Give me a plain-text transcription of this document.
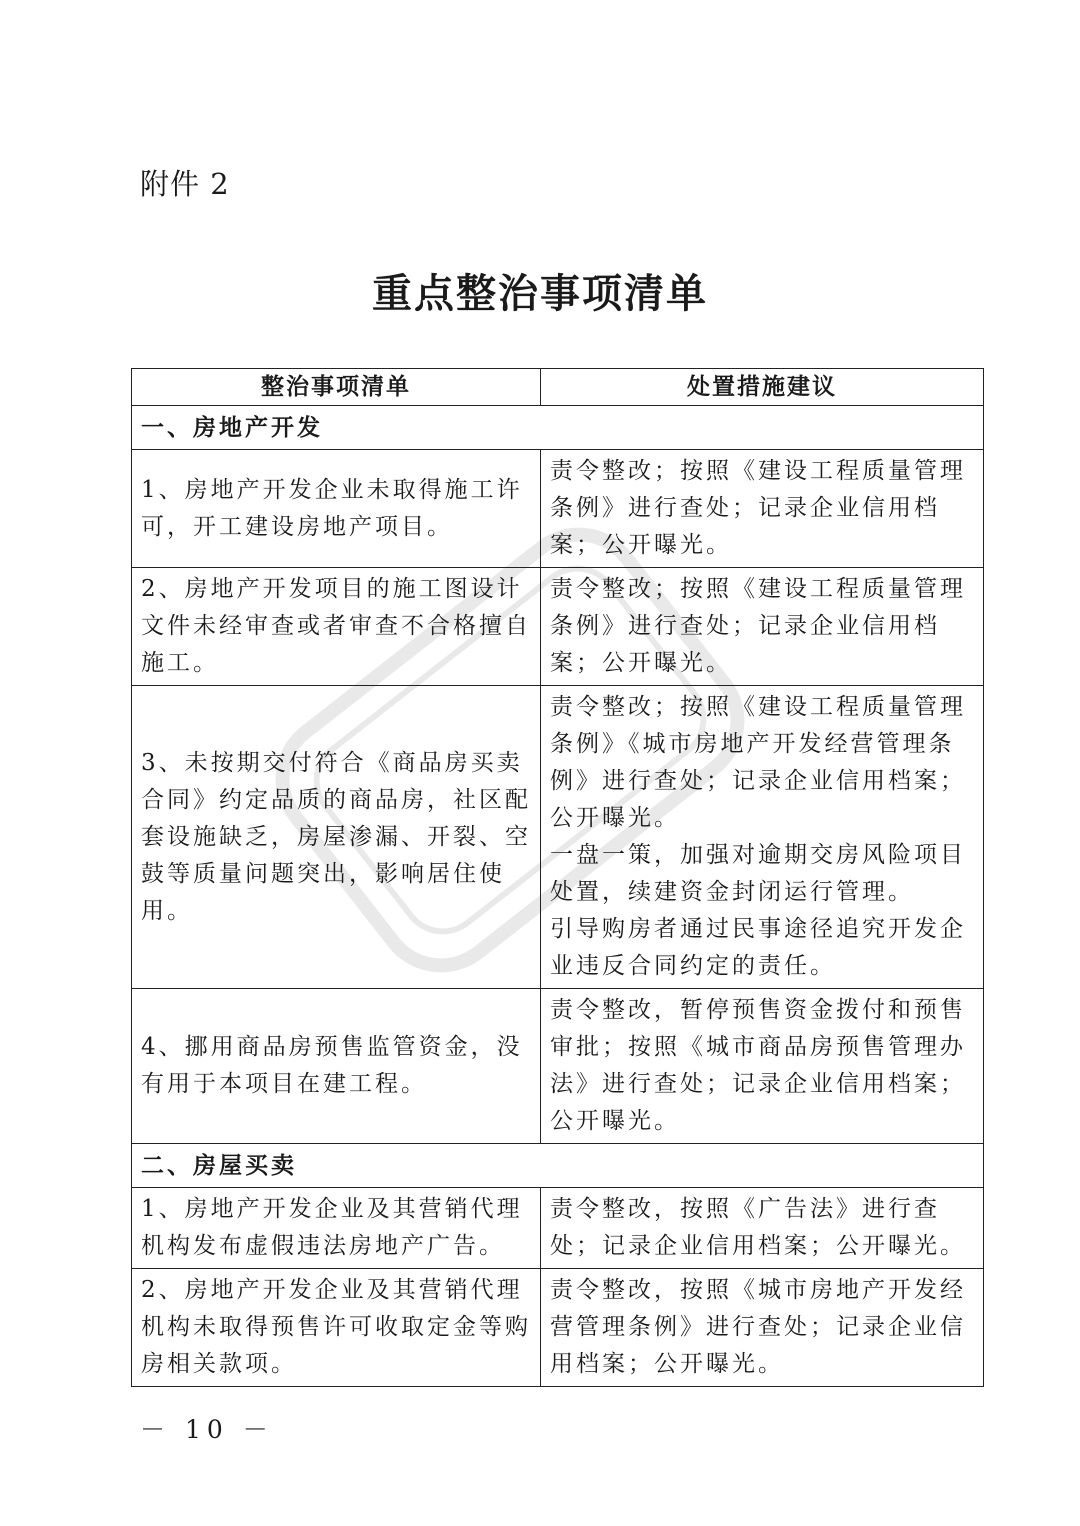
附件 2
重点整治事项清单
整治事项清单	处置措施建议
一、房地产开发	
1、房地产开发企业未取得施工许可，开工建设房地产项目。	责令整改；按照《建设工程质量管理条例》进行查处；记录企业信用档案；公开曝光。

2、房地产开发项目的施工图设计文件未经审查或者审查不合格擅自施工。	责令整改；按照《建设工程质量管理条例》进行查处；记录企业信用档案；公开曝光。

3、未按期交付符合《商品房买卖合同》约定品质的商品房，社区配套设施缺乏，房屋渗漏、开裂、空鼓等质量问题突出，影响居住使用。	责令整改；按照《建设工程质量管理条例》《城市房地产开发经营管理条例》进行查处；记录企业信用档案；公开曝光。
一盘一策，加强对逾期交房风险项目处置，续建资金封闭运行管理。
引导购房者通过民事途径追究开发企业违反合同约定的责任。

4、挪用商品房预售监管资金，没有用于本项目在建工程。	责令整改，暂停预售资金拨付和预售审批；按照《城市商品房预售管理办法》进行查处；记录企业信用档案；公开曝光。

二、房屋买卖	
1、房地产开发企业及其营销代理机构发布虚假违法房地产广告。	责令整改，按照《广告法》进行查处；记录企业信用档案；公开曝光。

2、房地产开发企业及其营销代理机构未取得预售许可收取定金等购房相关款项。	责令整改，按照《城市房地产开发经营管理条例》进行查处；记录企业信用档案；公开曝光。
－ 10 －
